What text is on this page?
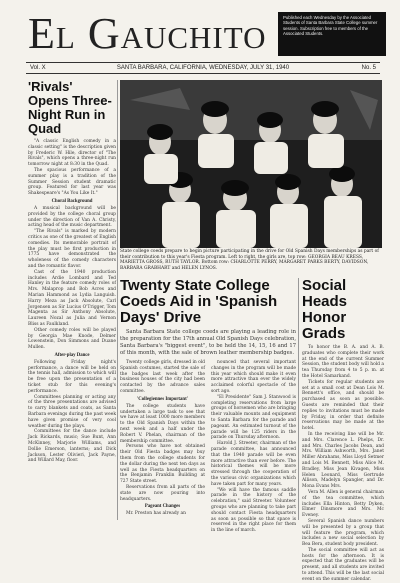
El Gauchito	Published each Wednesday by the Associated Students of Santa Barbara State College summer session. Subscription free to members of the Associated Students.
Vol. X	SANTA BARBARA, CALIFORNIA, WEDNESDAY, JULY 31, 1940	No. 5
'Rivals' Opens Three-Night Run in Quad

"A classic English comedy in a classic setting" is the description given by Frederic W. Hile, director of "The Rivals", which opens a three-night run tomorrow night at 8:30 in the Quad.

The spacious performance of a summer play is a tradition of the Summer Session student dramatic group. Featured for last year was Shakespeare's "As You Like It."

Choral Background

A musical background will be provided by the college choral group under the direction of Van A. Christy, acting head of the music department.

"The Rivals" is marked by modern critics as one of the greatest of English comedies. Its memorable portrait of the play must be first production in 1775 have demonstrated the wholeness of the comedy characters and the romantic flavor.

Cast of the 1940 production includes Ardie Lombard and Ted Hanley in the feature comedy roles of Mrs. Malaprop and Bob Acres and Marian Hammond as Lydia Languish. Harry Meza as Jack Absolute, Carl Jorgensen as Sir Lucius O'Trigger, Tom Magenta as Sir Anthony Absolute, Laureen Nozal as Julia and Vernon Bliss as Faulkland.

Other comedy roles will be played by Georgia Mae Knode, Delmer Lowenstein, Don Simmons and Duane Mullen.

After-play Dance

Following Friday night's performance, a dance will be held on the tennis hall, admission to which will be free upon the presentation of a ticket stub for this evening's performance.

Committees planning or acting any of the three presentations are advised to carry blankets and coats, as Santa Barbara evenings during the past week have given promise of very cool weather during the plays.

Committees for the dance include Jack Rickards, music; Sue Bunt, Ann McKinney, Marjorie Williams, and Dollie Emerson, lanterns; and Dick Jackson, Lester Olivieri, Jack Payne, and Willard May, floor.

State college coeds prepare to begin picture participating in the drive for Old Spanish Days memberships as part of their contribution to this year's Fiesta program. Left to right, the girls are, top row: GEORGIA BEAU KRESS, MARIETTA GROSS, RUTH TAYLOR. Bottom row: CHARLOTTE PERRY, MARGARET PARKS BERTY, DAVIDSON, BARBARA GRABHART and HELEN LYNOS.
Twenty State College Coeds Aid in 'Spanish Days' Drive

Santa Barbara State college coeds are playing a leading role in the preparation for the 17th annual Old Spanish Days celebration, Santa Barbara's "biggest event", to be held the 14, 15, 16 and 17 of this month, with the sale of brown leather membership badges.

Twenty college girls, dressed in old Spanish costumes, started the sale of the badges last week after the business houses of the city had been contacted by the advance sales committee.

'Collegiennes Important'

The college students have undertaken a large task to see that we have at least 1000 more members to the Old Spanish Days within the next week and a half under the Robert V. Phelan, chairman of the membership committee.

Persons who have not obtained their Old Fiesta badges may buy them from the college students for the dollar during the next ten days as well as the Fiesta headquarters on the Benjamin Franklin Building at 727 State street.

Reservations from all parts of the state are now pouring into headquarters.

Pageant Changes

Mr. Preston has already an

nounced that several important changes in the program will be made this year which should make it even more attractive than ever the widely acclaimed colorful spectacle of the sort ago.

"El Presidente" Sam J. Stanwood is completing reservations from large groups of horsemen who are bringing their valuable mounts and equipment to Santa Barbara for the parade and pageant. An estimated turnout of the parade will be 125 riders in the parade on Thursday afternoon.

Harold J. Streeter, chairman of the parade committee, has announced that the 1940 parade will be even more attractive than ever before. The historical themes will be more stressed through the cooperation of the various civic organizations which have taken part for many years.

"We will have the famous saddle parade in the history of the celebration," said Streeter. Volunteer groups who are planning to take part should contact Fiesta headquarters as soon as possible so that space is reserved in the right place for them in the line of march.

Social Heads Honor Grads

To honor the B. A. and A. B. graduates who complete their work at the end of the current Summer Session, the student body will hold a tea Thursday from 4 to 5 p. m. at the Hotel Samarkand.

Tickets for regular students are set at a small cost at Dean Lois M. Bennett's office, and should be purchased as soon as possible. Guests are reminded that their replies to invitations must be made by Friday, in order that definite reservations may be made at the hotel.

In the receiving line will be Mr. and Mrs. Clarence L. Phelps, Dr. and Mrs. Charles Jacobs Dean, and Mrs. William Ashworth, Mrs. Janet Miller Abrahams, Miss Lloyd Setmer and Lois M. Bennett, Miss Alice M. Bradley, Miss Jean Kivagen, Miss Helen Leonard, Miss Gertrude Allison, Madelyn Spangler, and Dr. Mona Evans Mrs.

Vera M. Allen is general chairman of the tea committee, which includes Ella Hinton, Betty Dyken, Elmer Dinsmore and Mrs. Mc Eveney.

Several Spanish dance numbers will be presented by a group that will feature the program, which includes a new social selection by Bea Bera, student body president.

The social committee will act as hosts for the afternoon. It is expected that the graduates will be present, and all students are invited to attend. This will be the last social event on the summer calendar.
